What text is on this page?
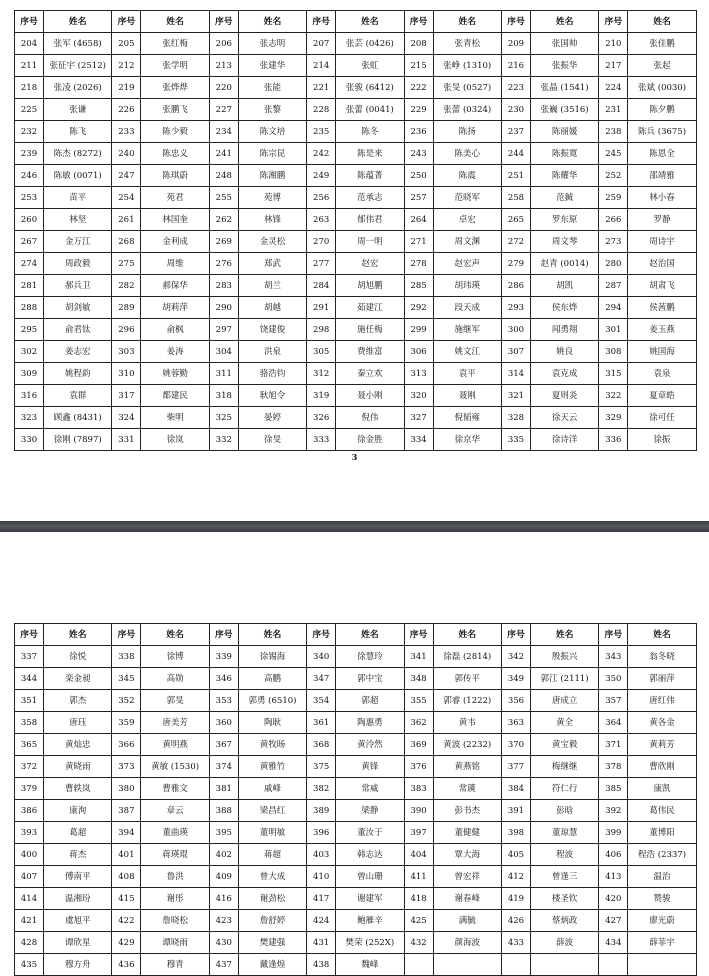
序号	姓名	序号	姓名	序号	姓名	序号	姓名	序号	姓名	序号	姓名	序号	姓名
204	张军 (4658)	205	张红梅	206	张志明	207	张芸 (0426)	208	张青松	209	张国帅	210	张佳鹏
211	张征宇 (2512)	212	张学明	213	张建华	214	张虹	215	张峥 (1310)	216	张振华	217	张起
218	张凌 (2026)	219	张烨烨	220	张能	221	张骏 (6412)	222	张旻 (0527)	223	张晶 (1541)	224	张斌 (0030)
225	张谦	226	张鹏飞	227	张黎	228	张蕾 (0041)	229	张蕾 (0324)	230	张巍 (3516)	231	陈夕鹏
232	陈飞	233	陈少毅	234	陈文培	235	陈冬	236	陈扬	237	陈丽媛	238	陈兵 (3675)
239	陈杰 (8272)	240	陈忠义	241	陈宗昆	242	陈是来	243	陈美心	244	陈振寛	245	陈恩全
246	陈敏 (0071)	247	陈琪蔚	248	陈湘鹏	249	陈蕴菁	250	陈震	251	陈耀华	252	邵靖雅
253	苗平	254	苑君	255	苑博	256	范承志	257	范晓军	258	范鋮	259	林小春
260	林坚	261	林国奎	262	林锋	263	郁伟君	264	卓宏	265	罗东原	266	罗静
267	金万江	268	金利成	269	金灵松	270	周一明	271	周文渊	272	周文琴	273	周诗宇
274	周政毅	275	周维	276	郑武	277	赵宏	278	赵宏声	279	赵青 (0014)	280	赵治国
281	郝兵卫	282	郝保华	283	胡兰	284	胡旭鹏	285	胡玮瑛	286	胡凯	287	胡肃飞
288	胡剑敏	289	胡莉萍	290	胡越	291	茹建江	292	段天成	293	侯东烨	294	侯茜鹏
295	俞君钛	296	俞枫	297	饶建俊	298	施任梅	299	施继军	300	闻勇翔	301	姜玉燕
302	姜志宏	303	姜涛	304	洪泉	305	费维富	306	姚文江	307	姚良	308	姚国海
309	姚程韵	310	姚蓉勤	311	骆浩钧	312	秦立欢	313	袁平	314	袁克成	315	袁泉
316	袁群	317	都建民	318	耿旭令	319	聂小刚	320	聂刚	321	夏则炎	322	夏章皓
323	顾鑫 (8431)	324	柴明	325	晏婷	326	倪伟	327	倪韬雍	328	徐天云	329	徐可任
330	徐刚 (7897)	331	徐岚	332	徐旻	333	徐金胜	334	徐京华	335	徐诗洋	336	徐振
3
序号	姓名	序号	姓名	序号	姓名	序号	姓名	序号	姓名	序号	姓名	序号	姓名
337	徐悦	338	徐博	339	徐锡海	340	徐慧玲	341	徐磊 (2814)	342	殷振兴	343	翁冬晓
344	栾金昶	345	高勋	346	高鹏	347	郭中宝	348	郭传平	349	郭江 (2111)	350	郭丽萍
351	郭杰	352	郭旻	353	郭勇 (6510)	354	郭超	355	郭睿 (1222)	356	唐成立	357	唐红伟
358	唐珏	359	唐美芳	360	陶耿	361	陶惠勇	362	黄韦	363	黄全	364	黄各金
365	黄灿忠	366	黄明燕	367	黄牧旸	368	黄泠然	369	黄波 (2232)	370	黄宝毅	371	黄莉芳
372	黄晓雨	373	黄敏 (1530)	374	黄雅竹	375	黄锋	376	黄燕铭	377	梅继继	378	曹欣刚
379	曹轶岚	380	曹雅文	381	戚峰	382	常威	383	常篪	384	符仁行	385	康凯
386	康洵	387	章云	388	梁昌红	389	梁静	390	彭书杰	391	彭晗	392	葛伟民
393	葛超	394	董曲瑛	395	董明敏	396	董汝于	397	董健健	398	董琼慧	399	董博阳
400	蒋杰	401	蒋瑛琨	402	蒋超	403	韩志达	404	覃大海	405	程波	406	程浩 (2337)
407	傅南平	408	鲁洪	409	曾大成	410	曾山珊	411	曾宏祥	412	曾逢三	413	温治
414	温湘玢	415	谢彤	416	谢劲松	417	谢建军	418	谢春峰	419	楼圣钦	420	赞骏
421	虞旭平	422	詹晓松	423	詹舒婷	424	鲍雁辛	425	满毓	426	蔡炳政	427	廖光蔚
428	谭欣星	429	谭晓雨	430	樊建强	431	樊荣 (252X)	432	颜海波	433	薛波	434	薛菲宇
435	穆方舟	436	穆青	437	戴逢煌	438	魏峰						
